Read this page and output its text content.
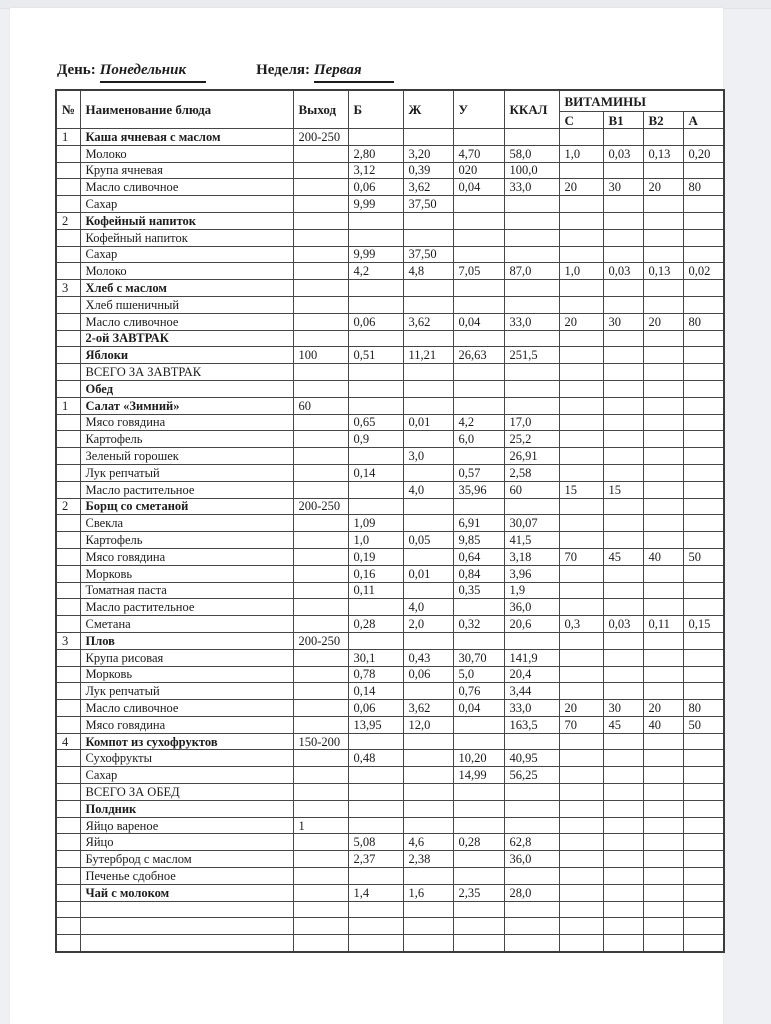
День: Понедельник	Неделя: Первая
№	Наименование блюда	Выход	Б	Ж	У	ККАЛ	ВИТАМИНЫ			
							С	В1	В2	А
1	Каша ячневая с маслом	200-250								
	Молоко		2,80	3,20	4,70	58,0	1,0	0,03	0,13	0,20
	Крупа ячневая		3,12	0,39	020	100,0				
	Масло сливочное		0,06	3,62	0,04	33,0	20	30	20	80
	Сахар		9,99	37,50						
2	Кофейный напиток									
	Кофейный напиток									
	Сахар		9,99	37,50						
	Молоко		4,2	4,8	7,05	87,0	1,0	0,03	0,13	0,02
3	Хлеб с маслом									
	Хлеб пшеничный									
	Масло сливочное		0,06	3,62	0,04	33,0	20	30	20	80
	2-ой ЗАВТРАК									
	Яблоки	100	0,51	11,21	26,63	251,5				
	ВСЕГО ЗА ЗАВТРАК									
	Обед									
1	Салат «Зимний»	60								
	Мясо говядина		0,65	0,01	4,2	17,0				
	Картофель		0,9		6,0	25,2				
	Зеленый горошек			3,0		26,91				
	Лук репчатый		0,14		0,57	2,58				
	Масло растительное			4,0	35,96	60	15	15		
2	Борщ со сметаной	200-250								
	Свекла		1,09		6,91	30,07				
	Картофель		1,0	0,05	9,85	41,5				
	Мясо говядина		0,19		0,64	3,18	70	45	40	50
	Морковь		0,16	0,01	0,84	3,96				
	Томатная паста		0,11		0,35	1,9				
	Масло растительное			4,0		36,0				
	Сметана		0,28	2,0	0,32	20,6	0,3	0,03	0,11	0,15
3	Плов	200-250								
	Крупа рисовая		30,1	0,43	30,70	141,9				
	Морковь		0,78	0,06	5,0	20,4				
	Лук репчатый		0,14		0,76	3,44				
	Масло сливочное		0,06	3,62	0,04	33,0	20	30	20	80
	Мясо говядина		13,95	12,0		163,5	70	45	40	50
4	Компот из сухофруктов	150-200								
	Сухофрукты		0,48		10,20	40,95				
	Сахар				14,99	56,25				
	ВСЕГО ЗА ОБЕД									
	Полдник									
	Яйцо вареное	1								
	Яйцо		5,08	4,6	0,28	62,8				
	Бутерброд с маслом		2,37	2,38		36,0				
	Печенье сдобное									
	Чай с молоком		1,4	1,6	2,35	28,0				
